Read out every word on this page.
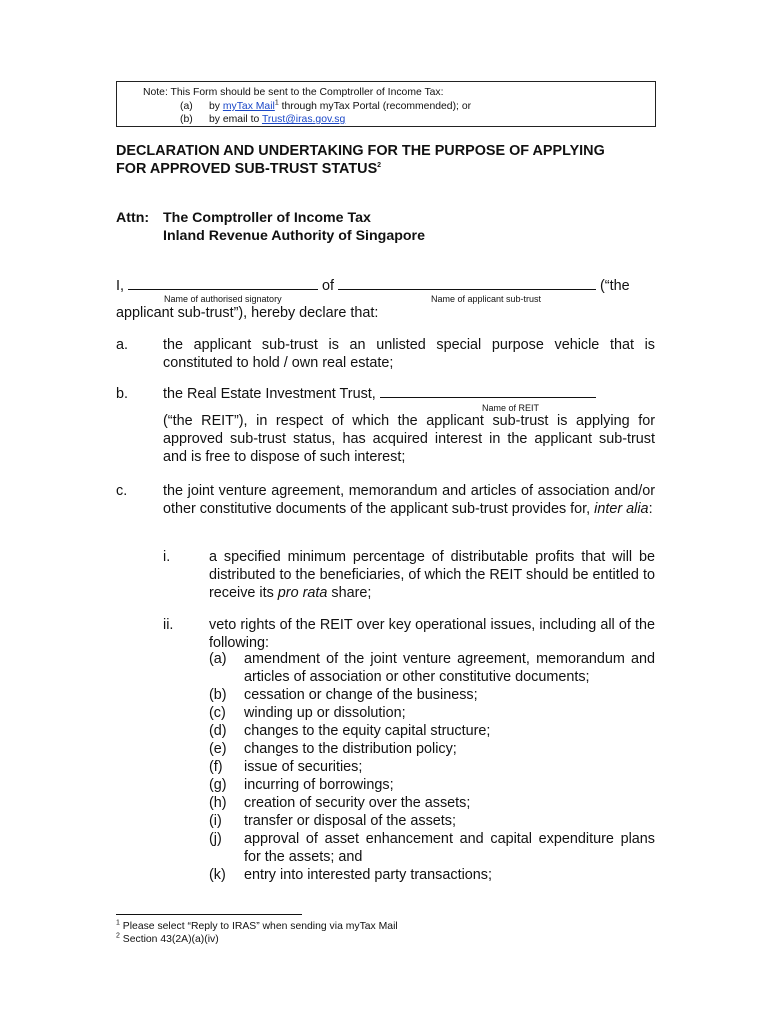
Note: This Form should be sent to the Comptroller of Income Tax:
(a) by myTax Mail$^1$ through myTax Portal (recommended); or
(b) by email to Trust@iras.gov.sg
DECLARATION AND UNDERTAKING FOR THE PURPOSE OF APPLYING
FOR APPROVED SUB-TRUST STATUS$^2$
Attn: The Comptroller of Income Tax
Inland Revenue Authority of Singapore
I,	of	(“the
Name of authorised signatory	Name of applicant sub-trust
applicant sub-trust”), hereby declare that:
a. the applicant sub-trust is an unlisted special purpose vehicle that is constituted to hold / own real estate;
b. the Real Estate Investment Trust,
Name of REIT
(“the REIT”), in respect of which the applicant sub-trust is applying for approved sub-trust status, has acquired interest in the applicant sub-trust and is free to dispose of such interest;
c. the joint venture agreement, memorandum and articles of association and/or other constitutive documents of the applicant sub-trust provides for, inter alia:
i.	a specified minimum percentage of distributable profits that will be distributed to the beneficiaries, of which the REIT should be entitled to receive its pro rata share;
ii. veto rights of the REIT over key operational issues, including all of the following:
(a)	amendment of the joint venture agreement, memorandum and articles of association or other constitutive documents;
(b)	cessation or change of the business;
(c)	winding up or dissolution;
(d)	changes to the equity capital structure;
(e)	changes to the distribution policy;
(f)	issue of securities;
(g)	incurring of borrowings;
(h)	creation of security over the assets;
(i)	transfer or disposal of the assets;
(j)	approval of asset enhancement and capital expenditure plans for the assets; and
(k)	entry into interested party transactions;
$^1$ Please select “Reply to IRAS” when sending via myTax Mail
$^2$ Section 43(2A)(a)(iv)
